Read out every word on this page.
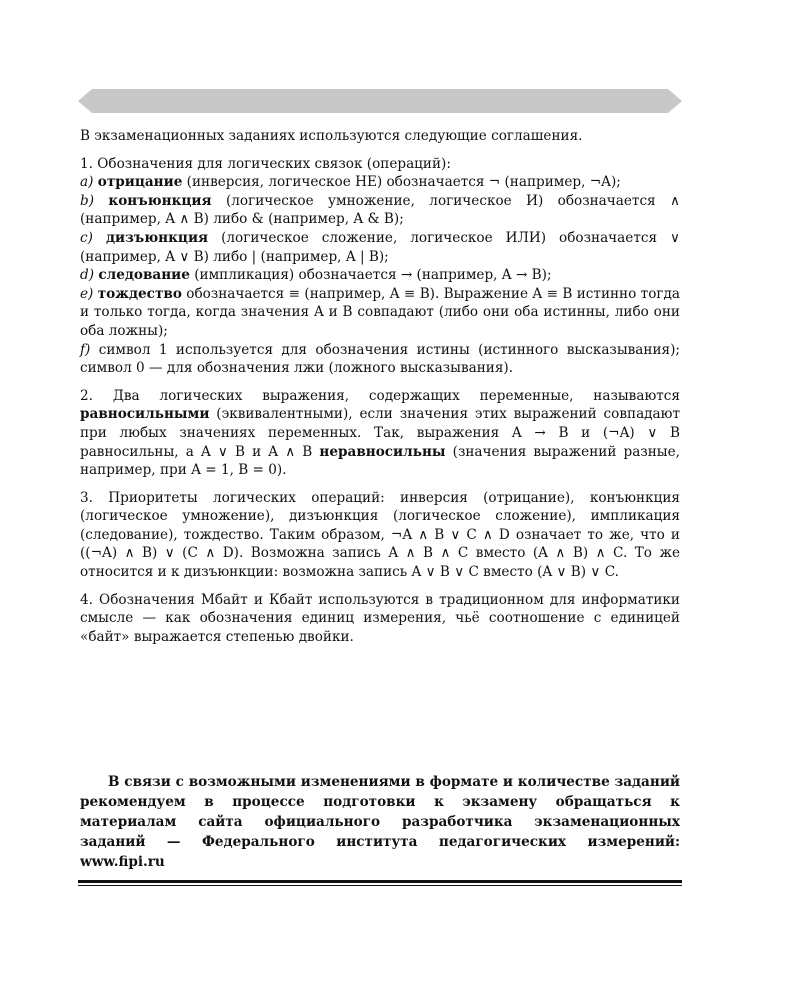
В экзаменационных заданиях используются следующие соглашения.

1. Обозначения для логических связок (операций):

a) отрицание (инверсия, логическое НЕ) обозначается ¬ (например, ¬A);

b) конъюнкция (логическое умножение, логическое И) обозначается ∧ (например, A ∧ B) либо & (например, A & B);

c) дизъюнкция (логическое сложение, логическое ИЛИ) обозначается ∨ (например, A ∨ B) либо | (например, A | B);

d) следование (импликация) обозначается → (например, A → B);

e) тождество обозначается ≡ (например, A ≡ B). Выражение A ≡ B истинно тогда и только тогда, когда значения A и B совпадают (либо они оба истинны, либо они оба ложны);

f) символ 1 используется для обозначения истины (истинного высказывания); символ 0 — для обозначения лжи (ложного высказывания).

2. Два логических выражения, содержащих переменные, называются равносильными (эквивалентными), если значения этих выражений совпадают при любых значениях переменных. Так, выражения A → B и (¬A) ∨ B равносильны, а A ∨ B и A ∧ B неравносильны (значения выражений разные, например, при A = 1, B = 0).

3. Приоритеты логических операций: инверсия (отрицание), конъюнкция (логическое умножение), дизъюнкция (логическое сложение), импликация (следование), тождество. Таким образом, ¬A ∧ B ∨ C ∧ D означает то же, что и ((¬A) ∧ B) ∨ (C ∧ D). Возможна запись A ∧ B ∧ C вместо (A ∧ B) ∧ C. То же относится и к дизъюнкции: возможна запись A ∨ B ∨ C вместо (A ∨ B) ∨ C.

4. Обозначения Мбайт и Кбайт используются в традиционном для информатики смысле — как обозначения единиц измерения, чьё соотношение с единицей «байт» выражается степенью двойки.

В связи с возможными изменениями в формате и количестве заданий рекомендуем в процессе подготовки к экзамену обращаться к материалам сайта официального разработчика экзаменационных заданий — Федерального института педагогических измерений: www.fipi.ru
